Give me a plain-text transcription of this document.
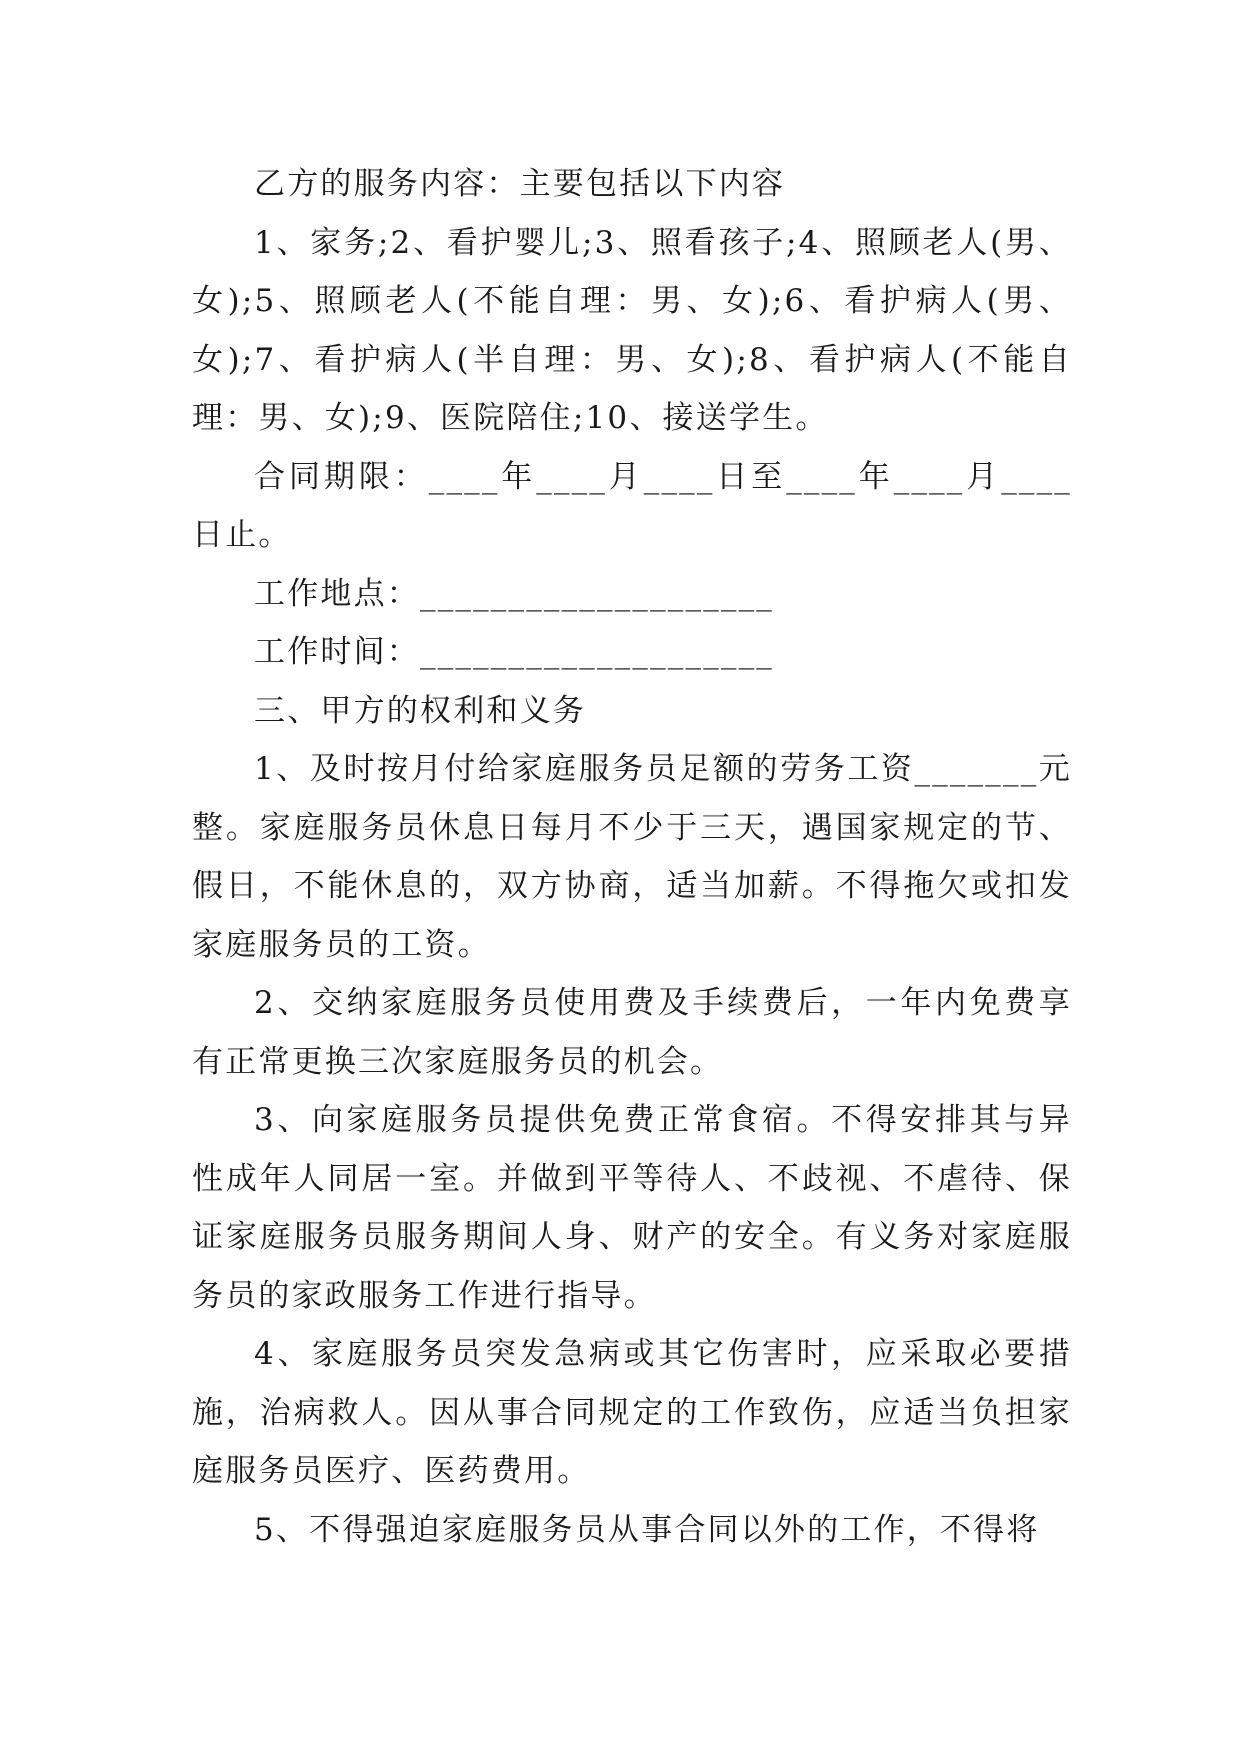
乙方的服务内容：主要包括以下内容

1、家务;2、看护婴儿;3、照看孩子;4、照顾老人(男、女);5、照顾老人(不能自理：男、女);6、看护病人(男、女);7、看护病人(半自理：男、女);8、看护病人(不能自理：男、女);9、医院陪住;10、接送学生。

合同期限：____年____月____日至____年____月____日止。

工作地点：____________________

工作时间：____________________

三、甲方的权利和义务

1、及时按月付给家庭服务员足额的劳务工资_______元整。家庭服务员休息日每月不少于三天，遇国家规定的节、假日，不能休息的，双方协商，适当加薪。不得拖欠或扣发家庭服务员的工资。

2、交纳家庭服务员使用费及手续费后，一年内免费享有正常更换三次家庭服务员的机会。

3、向家庭服务员提供免费正常食宿。不得安排其与异性成年人同居一室。并做到平等待人、不歧视、不虐待、保证家庭服务员服务期间人身、财产的安全。有义务对家庭服务员的家政服务工作进行指导。

4、家庭服务员突发急病或其它伤害时，应采取必要措施，治病救人。因从事合同规定的工作致伤，应适当负担家庭服务员医疗、医药费用。

5、不得强迫家庭服务员从事合同以外的工作，不得将
